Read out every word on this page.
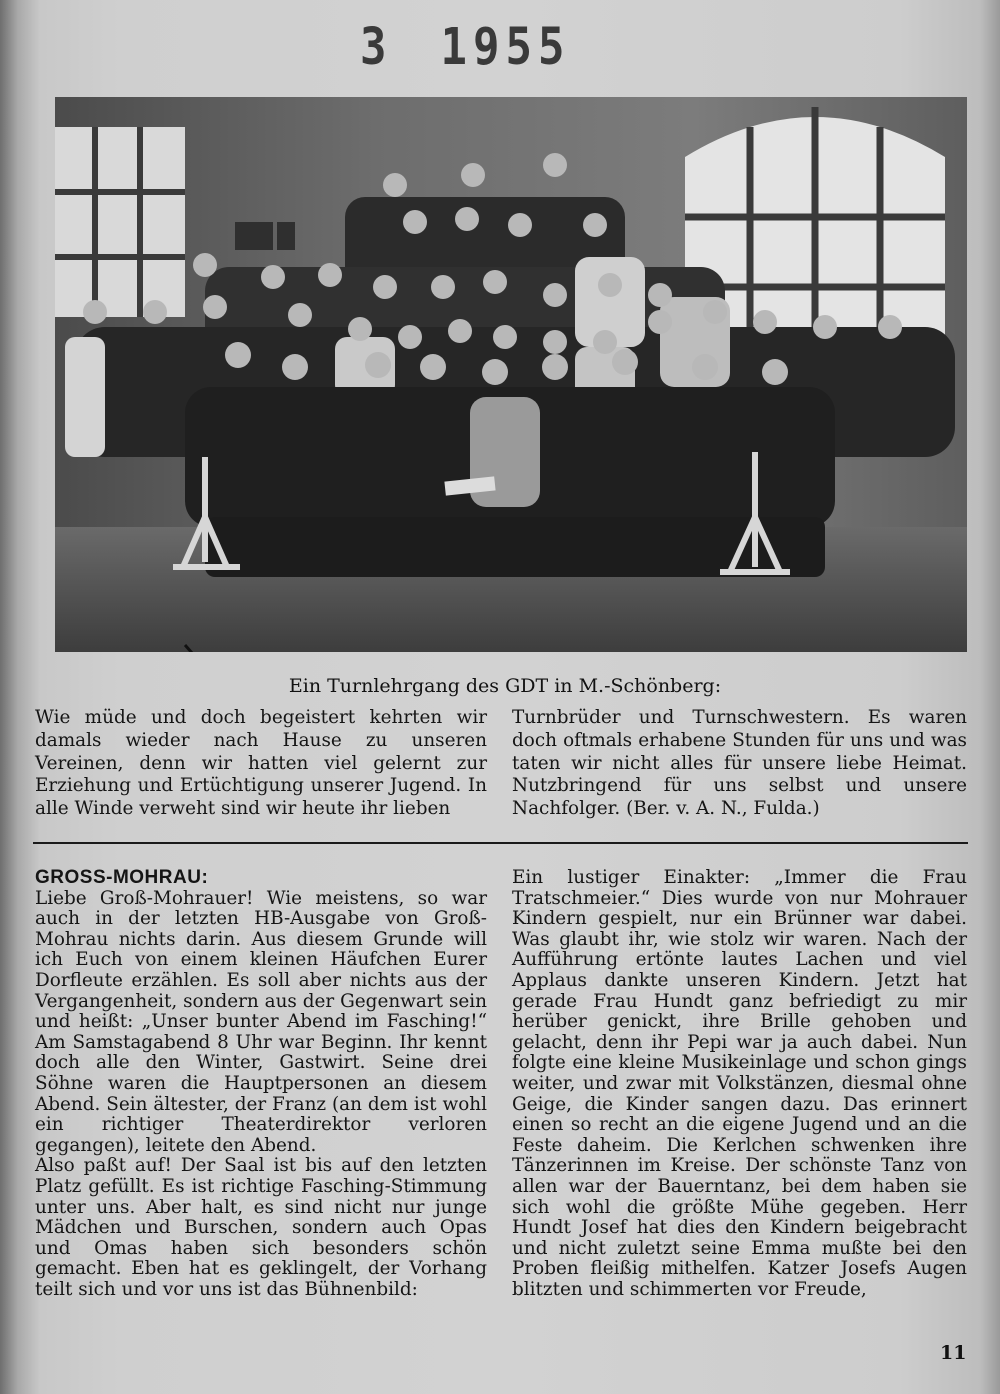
3 1955
Ein Turnlehrgang des GDT in M.-Schönberg:

Wie müde und doch begeistert kehrten wir damals wieder nach Hause zu unseren Vereinen, denn wir hatten viel gelernt zur Erziehung und Ertüchtigung unserer Jugend. In alle Winde verweht sind wir heute ihr lieben

Turnbrüder und Turnschwestern. Es waren doch oftmals erhabene Stunden für uns und was taten wir nicht alles für unsere liebe Heimat. Nutzbringend für uns selbst und unsere Nachfolger. (Ber. v. A. N., Fulda.)

GROSS-MOHRAU:

Liebe Groß-Mohrauer! Wie meistens, so war auch in der letzten HB-Ausgabe von Groß-Mohrau nichts darin. Aus diesem Grunde will ich Euch von einem kleinen Häufchen Eurer Dorfleute erzählen. Es soll aber nichts aus der Vergangenheit, sondern aus der Gegenwart sein und heißt: „Unser bunter Abend im Fasching!“ Am Samstagabend 8 Uhr war Beginn. Ihr kennt doch alle den Winter, Gastwirt. Seine drei Söhne waren die Hauptpersonen an diesem Abend. Sein ältester, der Franz (an dem ist wohl ein richtiger Theaterdirektor verloren gegangen), leitete den Abend.

Also paßt auf! Der Saal ist bis auf den letzten Platz gefüllt. Es ist richtige Fasching-Stimmung unter uns. Aber halt, es sind nicht nur junge Mädchen und Burschen, sondern auch Opas und Omas haben sich besonders schön gemacht. Eben hat es geklingelt, der Vorhang teilt sich und vor uns ist das Bühnenbild:

Ein lustiger Einakter: „Immer die Frau Tratschmeier.“ Dies wurde von nur Mohrauer Kindern gespielt, nur ein Brünner war dabei. Was glaubt ihr, wie stolz wir waren. Nach der Aufführung ertönte lautes Lachen und viel Applaus dankte unseren Kindern. Jetzt hat gerade Frau Hundt ganz befriedigt zu mir herüber genickt, ihre Brille gehoben und gelacht, denn ihr Pepi war ja auch dabei. Nun folgte eine kleine Musikeinlage und schon gings weiter, und zwar mit Volkstänzen, diesmal ohne Geige, die Kinder sangen dazu. Das erinnert einen so recht an die eigene Jugend und an die Feste daheim. Die Kerlchen schwenken ihre Tänzerinnen im Kreise. Der schönste Tanz von allen war der Bauerntanz, bei dem haben sie sich wohl die größte Mühe gegeben. Herr Hundt Josef hat dies den Kindern beigebracht und nicht zuletzt seine Emma mußte bei den Proben fleißig mithelfen. Katzer Josefs Augen blitzten und schimmerten vor Freude,

11
